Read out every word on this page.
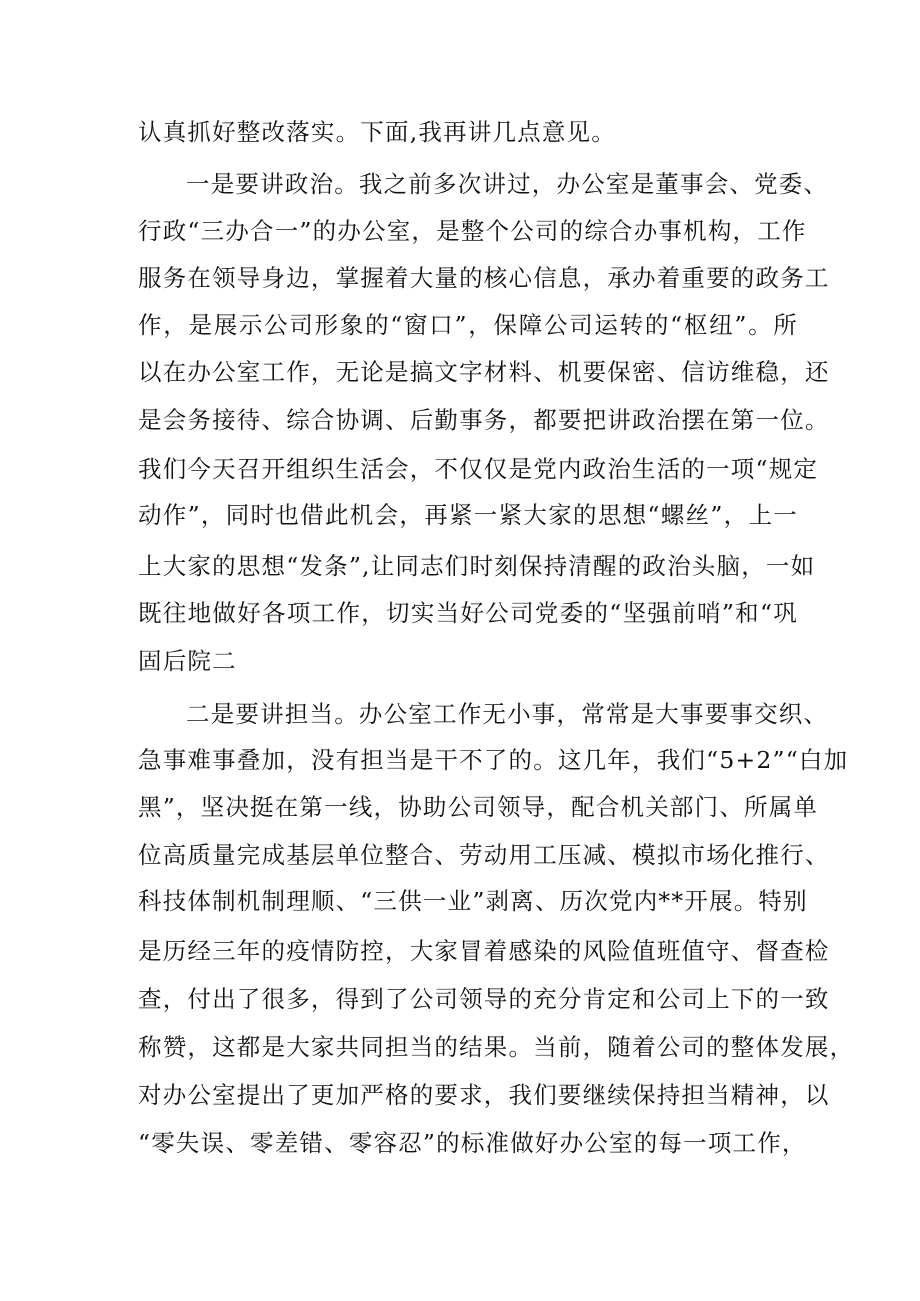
认真抓好整改落实。下面,我再讲几点意见。
一是要讲政治。我之前多次讲过，办公室是董事会、党委、
行政“三办合一”的办公室，是整个公司的综合办事机构，工作
服务在领导身边，掌握着大量的核心信息，承办着重要的政务工
作，是展示公司形象的“窗口”，保障公司运转的“枢纽”。所
以在办公室工作，无论是搞文字材料、机要保密、信访维稳，还
是会务接待、综合协调、后勤事务，都要把讲政治摆在第一位。
我们今天召开组织生活会，不仅仅是党内政治生活的一项“规定
动作”，同时也借此机会，再紧一紧大家的思想“螺丝”，上一
上大家的思想“发条”,让同志们时刻保持清醒的政治头脑，一如
既往地做好各项工作，切实当好公司党委的“坚强前哨”和“巩
固后院二
二是要讲担当。办公室工作无小事，常常是大事要事交织、
急事难事叠加，没有担当是干不了的。这几年，我们“5+2”“白加
黑”，坚决挺在第一线，协助公司领导，配合机关部门、所属单
位高质量完成基层单位整合、劳动用工压减、模拟市场化推行、
科技体制机制理顺、“三供一业”剥离、历次党内**开展。特别
是历经三年的疫情防控，大家冒着感染的风险值班值守、督查检
查，付出了很多，得到了公司领导的充分肯定和公司上下的一致
称赞，这都是大家共同担当的结果。当前，随着公司的整体发展，
对办公室提出了更加严格的要求，我们要继续保持担当精神，以
“零失误、零差错、零容忍”的标准做好办公室的每一项工作，
